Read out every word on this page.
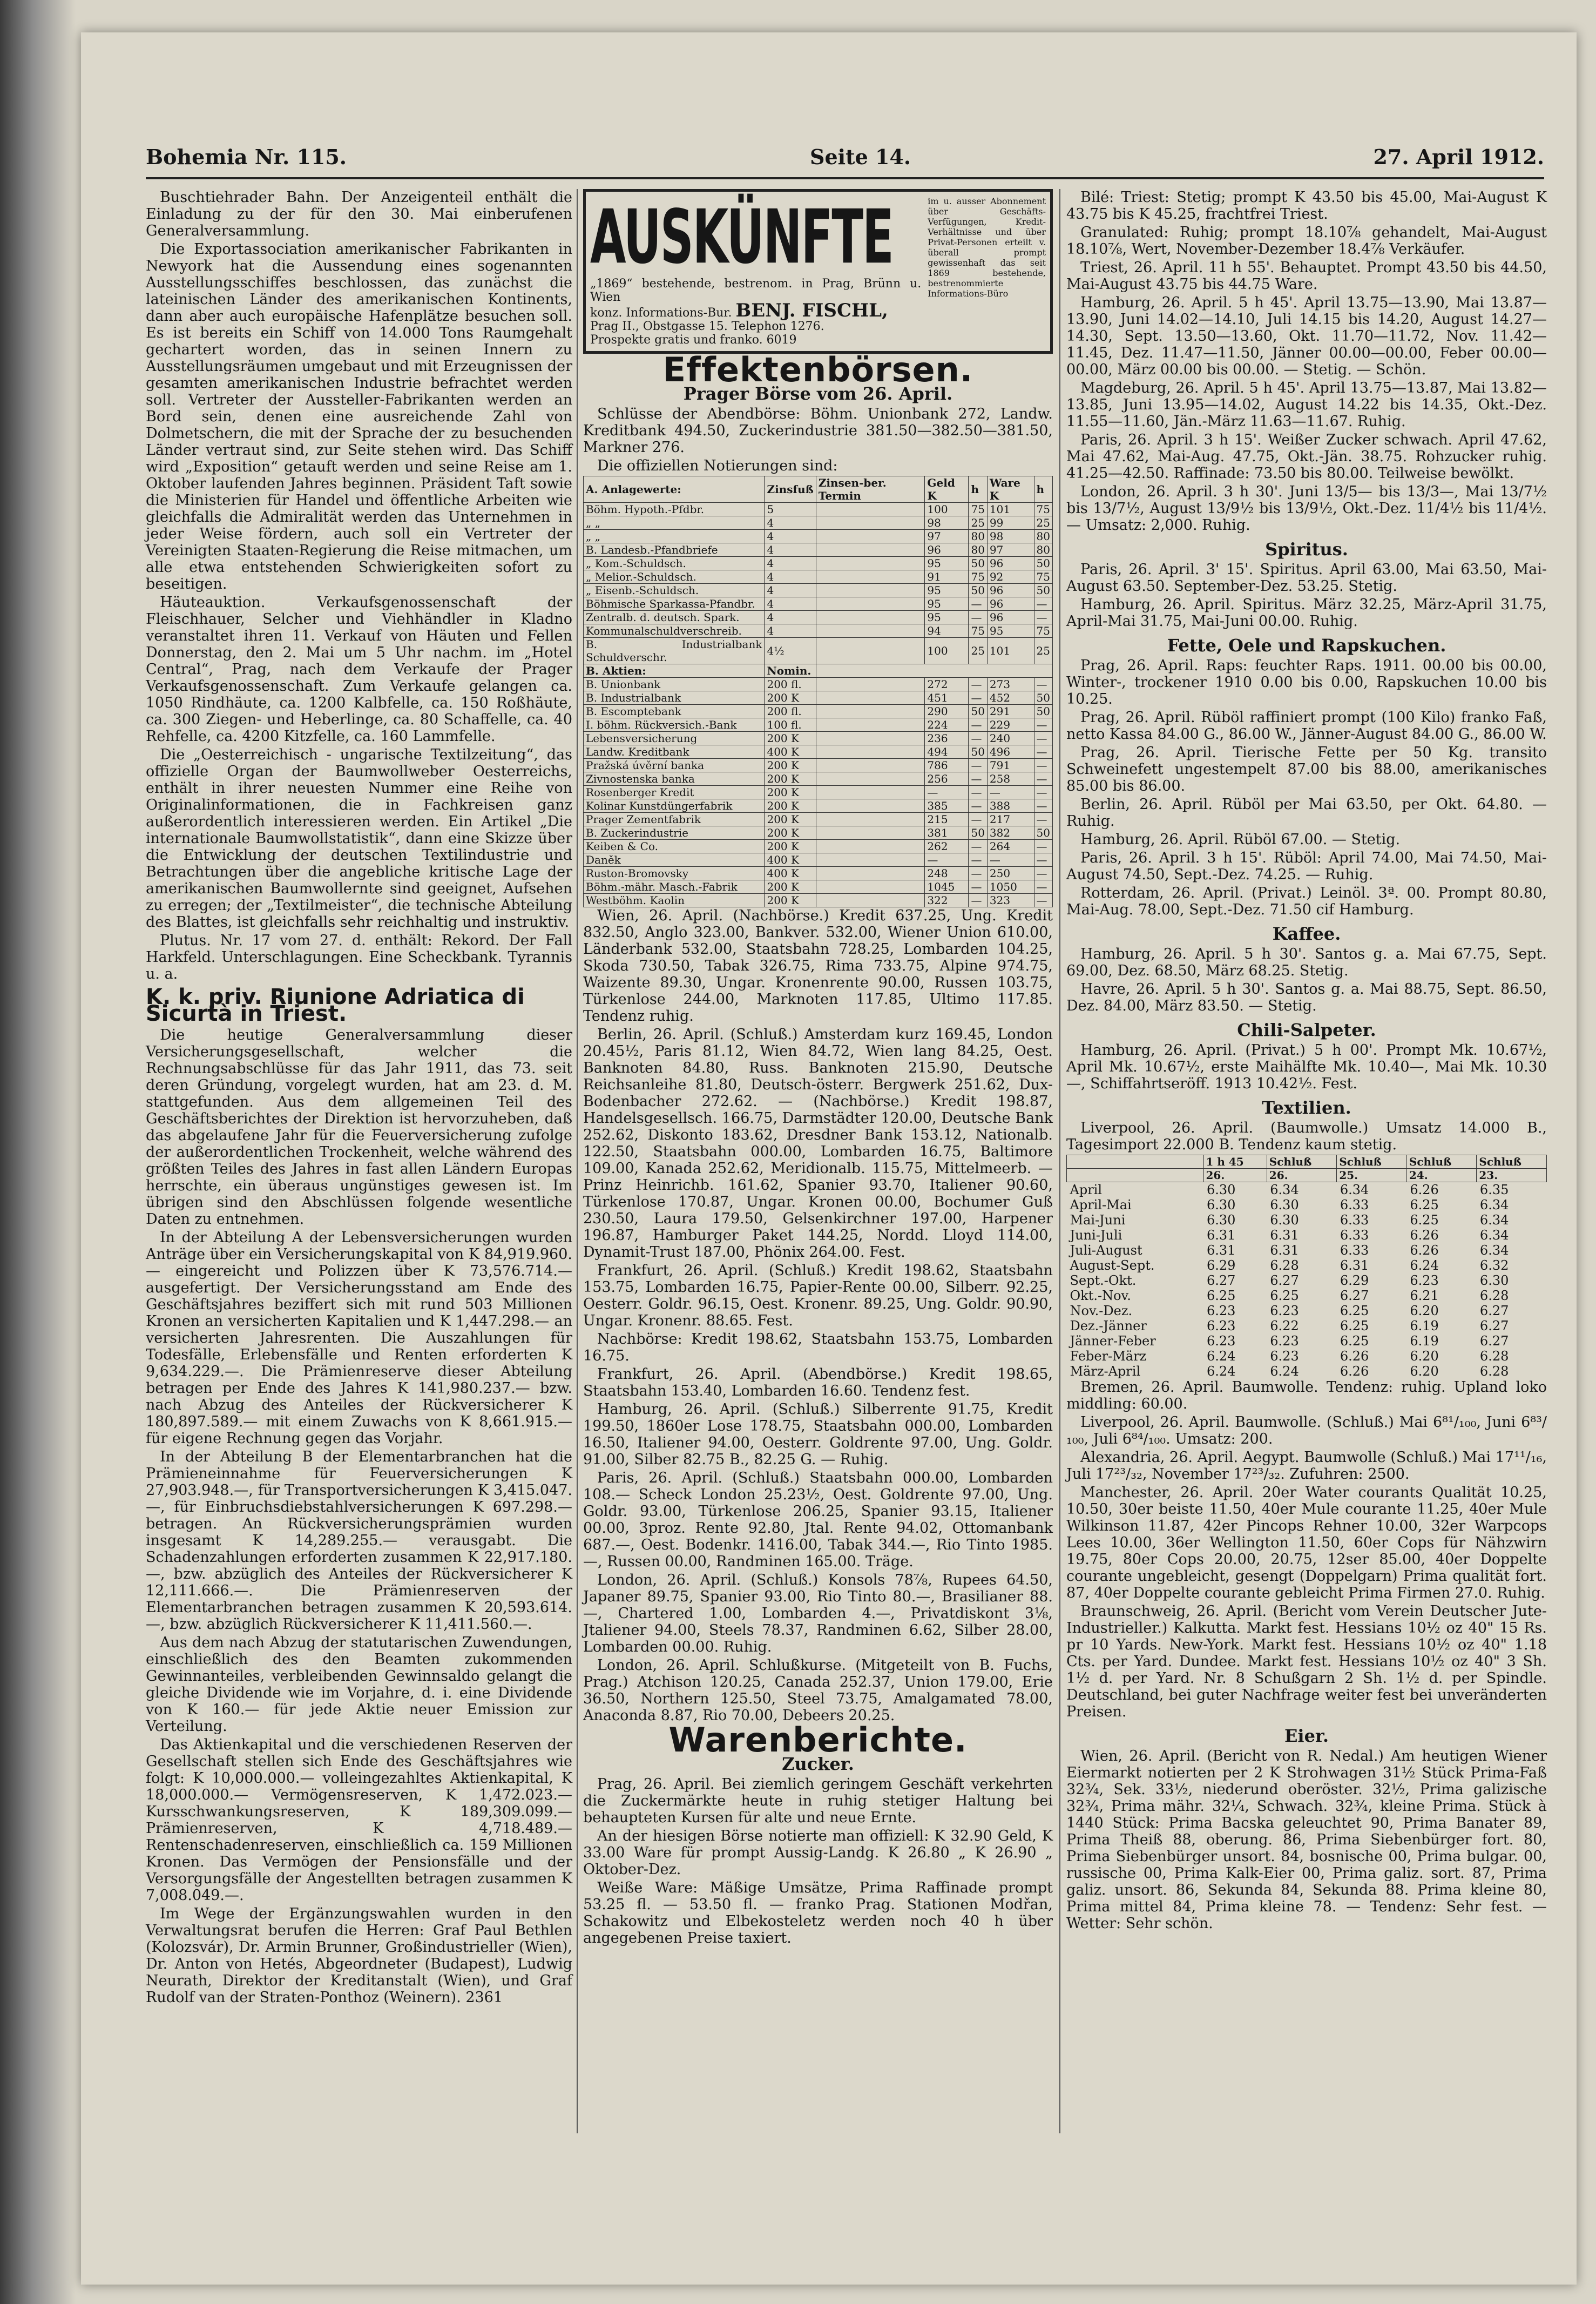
Bohemia Nr. 115.	Seite 14.	27. April 1912.

Buschtiehrader Bahn. Der Anzeigenteil enthält die Einladung zu der für den 30. Mai einberufenen Generalversammlung.

Die Exportassociation amerikanischer Fabrikanten in Newyork hat die Aussendung eines sogenannten Ausstellungsschiffes beschlossen, das zunächst die lateinischen Länder des amerikanischen Kontinents, dann aber auch europäische Hafenplätze besuchen soll. Es ist bereits ein Schiff von 14.000 Tons Raumgehalt gechartert worden, das in seinen Innern zu Ausstellungsräumen umgebaut und mit Erzeugnissen der gesamten amerikanischen Industrie befrachtet werden soll. Vertreter der Aussteller-Fabrikanten werden an Bord sein, denen eine ausreichende Zahl von Dolmetschern, die mit der Sprache der zu besuchenden Länder vertraut sind, zur Seite stehen wird. Das Schiff wird „Exposition“ getauft werden und seine Reise am 1. Oktober laufenden Jahres beginnen. Präsident Taft sowie die Ministerien für Handel und öffentliche Arbeiten wie gleichfalls die Admiralität werden das Unternehmen in jeder Weise fördern, auch soll ein Vertreter der Vereinigten Staaten-Regierung die Reise mitmachen, um alle etwa entstehenden Schwierigkeiten sofort zu beseitigen.

Häuteauktion. Verkaufsgenossenschaft der Fleischhauer, Selcher und Viehhändler in Kladno veranstaltet ihren 11. Verkauf von Häuten und Fellen Donnerstag, den 2. Mai um 5 Uhr nachm. im „Hotel Central“, Prag, nach dem Verkaufe der Prager Verkaufsgenossenschaft. Zum Verkaufe gelangen ca. 1050 Rindhäute, ca. 1200 Kalbfelle, ca. 150 Roßhäute, ca. 300 Ziegen- und Heberlinge, ca. 80 Schaffelle, ca. 40 Rehfelle, ca. 4200 Kitzfelle, ca. 160 Lammfelle.

Die „Oesterreichisch - ungarische Textilzeitung“, das offizielle Organ der Baumwollweber Oesterreichs, enthält in ihrer neuesten Nummer eine Reihe von Originalinformationen, die in Fachkreisen ganz außerordentlich interessieren werden. Ein Artikel „Die internationale Baumwollstatistik“, dann eine Skizze über die Entwicklung der deutschen Textilindustrie und Betrachtungen über die angebliche kritische Lage der amerikanischen Baumwollernte sind geeignet, Aufsehen zu erregen; der „Textilmeister“, die technische Abteilung des Blattes, ist gleichfalls sehr reichhaltig und instruktiv.

Plutus. Nr. 17 vom 27. d. enthält: Rekord. Der Fall Harkfeld. Unterschlagungen. Eine Scheckbank. Tyrannis u. a.

K. k. priv. Riunione Adriatica di Sicurtà in Triest.

Die heutige Generalversammlung dieser Versicherungsgesellschaft, welcher die Rechnungsabschlüsse für das Jahr 1911, das 73. seit deren Gründung, vorgelegt wurden, hat am 23. d. M. stattgefunden. Aus dem allgemeinen Teil des Geschäftsberichtes der Direktion ist hervorzuheben, daß das abgelaufene Jahr für die Feuerversicherung zufolge der außerordentlichen Trockenheit, welche während des größten Teiles des Jahres in fast allen Ländern Europas herrschte, ein überaus ungünstiges gewesen ist. Im übrigen sind den Abschlüssen folgende wesentliche Daten zu entnehmen.

In der Abteilung A der Lebensversicherungen wurden Anträge über ein Versicherungskapital von K 84,919.960.— eingereicht und Polizzen über K 73,576.714.— ausgefertigt. Der Versicherungsstand am Ende des Geschäftsjahres beziffert sich mit rund 503 Millionen Kronen an versicherten Kapitalien und K 1,447.298.— an versicherten Jahresrenten. Die Auszahlungen für Todesfälle, Erlebensfälle und Renten erforderten K 9,634.229.—. Die Prämienreserve dieser Abteilung betragen per Ende des Jahres K 141,980.237.— bzw. nach Abzug des Anteiles der Rückversicherer K 180,897.589.— mit einem Zuwachs von K 8,661.915.— für eigene Rechnung gegen das Vorjahr.

In der Abteilung B der Elementarbranchen hat die Prämieneinnahme für Feuerversicherungen K 27,903.948.—, für Transportversicherungen K 3,415.047.—, für Einbruchsdiebstahlversicherungen K 697.298.— betragen. An Rückversicherungsprämien wurden insgesamt K 14,289.255.— verausgabt. Die Schadenzahlungen erforderten zusammen K 22,917.180.—, bzw. abzüglich des Anteiles der Rückversicherer K 12,111.666.—. Die Prämienreserven der Elementarbranchen betragen zusammen K 20,593.614.—, bzw. abzüglich Rückversicherer K 11,411.560.—.

Aus dem nach Abzug der statutarischen Zuwendungen, einschließlich des den Beamten zukommenden Gewinnanteiles, verbleibenden Gewinnsaldo gelangt die gleiche Dividende wie im Vorjahre, d. i. eine Dividende von K 160.— für jede Aktie neuer Emission zur Verteilung.

Das Aktienkapital und die verschiedenen Reserven der Gesellschaft stellen sich Ende des Geschäftsjahres wie folgt: K 10,000.000.— volleingezahltes Aktienkapital, K 18,000.000.— Vermögensreserven, K 1,472.023.— Kursschwankungsreserven, K 189,309.099.— Prämienreserven, K 4,718.489.— Rentenschadenreserven, einschließlich ca. 159 Millionen Kronen. Das Vermögen der Pensionsfälle und der Versorgungsfälle der Angestellten betragen zusammen K 7,008.049.—.

Im Wege der Ergänzungswahlen wurden in den Verwaltungsrat berufen die Herren: Graf Paul Bethlen (Kolozsvár), Dr. Armin Brunner, Großindustrieller (Wien), Dr. Anton von Hetés, Abgeordneter (Budapest), Ludwig Neurath, Direktor der Kreditanstalt (Wien), und Graf Rudolf van der Straten-Ponthoz (Weinern). 2361

AUSKÜNFTE
„1869“ bestehende, bestrenom. in Prag, Brünn u. Wien
konz. Informations-Bur. BENJ. FISCHL,
Prag II., Obstgasse 15. Telephon 1276.
Prospekte gratis und franko. 6019
im u. ausser Abonnement über Geschäfts-Verfügungen, Kredit-Verhältnisse und über Privat-Personen erteilt v. überall prompt gewissenhaft das seit 1869 bestehende, bestrenommierte Informations-Büro
Effektenbörsen.
Prager Börse vom 26. April.

Schlüsse der Abendbörse: Böhm. Unionbank 272, Landw. Kreditbank 494.50, Zuckerindustrie 381.50—382.50—381.50, Markner 276.

Die offiziellen Notierungen sind:

A. Anlagewerte:	Zinsfuß	Zinsen-ber. Termin	Geld K	h	Ware K	h
Böhm. Hypoth.-Pfdbr.	5		100	75	101	75
„ „	4		98	25	99	25
„ „	4		97	80	98	80
B. Landesb.-Pfandbriefe	4		96	80	97	80
„ Kom.-Schuldsch.	4		95	50	96	50
„ Melior.-Schuldsch.	4		91	75	92	75
„ Eisenb.-Schuldsch.	4		95	50	96	50
Böhmische Sparkassa-Pfandbr.	4		95	—	96	—
Zentralb. d. deutsch. Spark.	4		95	—	96	—
Kommunalschuldverschreib.	4		94	75	95	75
B. Industrialbank Schuldverschr.	4½		100	25	101	25
B. Aktien:	Nomin.					
B. Unionbank	200 fl.		272	—	273	—
B. Industrialbank	200 K		451	—	452	50
B. Escomptebank	200 fl.		290	50	291	50
I. böhm. Rückversich.-Bank	100 fl.		224	—	229	—
Lebensversicherung	200 K		236	—	240	—
Landw. Kreditbank	400 K		494	50	496	—
Pražská úvěrní banka	200 K		786	—	791	—
Zivnostenska banka	200 K		256	—	258	—
Rosenberger Kredit	200 K		—	—	—	—
Kolinar Kunstdüngerfabrik	200 K		385	—	388	—
Prager Zementfabrik	200 K		215	—	217	—
B. Zuckerindustrie	200 K		381	50	382	50
Keiben & Co.	200 K		262	—	264	—
Daněk	400 K		—	—	—	—
Ruston-Bromovsky	400 K		248	—	250	—
Böhm.-mähr. Masch.-Fabrik	200 K		1045	—	1050	—
Westböhm. Kaolin	200 K		322	—	323	—

Wien, 26. April. (Nachbörse.) Kredit 637.25, Ung. Kredit 832.50, Anglo 323.00, Bankver. 532.00, Wiener Union 610.00, Länderbank 532.00, Staatsbahn 728.25, Lombarden 104.25, Skoda 730.50, Tabak 326.75, Rima 733.75, Alpine 974.75, Waizente 89.30, Ungar. Kronenrente 90.00, Russen 103.75, Türkenlose 244.00, Marknoten 117.85, Ultimo 117.85. Tendenz ruhig.

Berlin, 26. April. (Schluß.) Amsterdam kurz 169.45, London 20.45½, Paris 81.12, Wien 84.72, Wien lang 84.25, Oest. Banknoten 84.80, Russ. Banknoten 215.90, Deutsche Reichsanleihe 81.80, Deutsch-österr. Bergwerk 251.62, Dux-Bodenbacher 272.62. — (Nachbörse.) Kredit 198.87, Handelsgesellsch. 166.75, Darmstädter 120.00, Deutsche Bank 252.62, Diskonto 183.62, Dresdner Bank 153.12, Nationalb. 122.50, Staatsbahn 000.00, Lombarden 16.75, Baltimore 109.00, Kanada 252.62, Meridionalb. 115.75, Mittelmeerb. — Prinz Heinrichb. 161.62, Spanier 93.70, Italiener 90.60, Türkenlose 170.87, Ungar. Kronen 00.00, Bochumer Guß 230.50, Laura 179.50, Gelsenkirchner 197.00, Harpener 196.87, Hamburger Paket 144.25, Nordd. Lloyd 114.00, Dynamit-Trust 187.00, Phönix 264.00. Fest.

Frankfurt, 26. April. (Schluß.) Kredit 198.62, Staatsbahn 153.75, Lombarden 16.75, Papier-Rente 00.00, Silberr. 92.25, Oesterr. Goldr. 96.15, Oest. Kronenr. 89.25, Ung. Goldr. 90.90, Ungar. Kronenr. 88.65. Fest.

Nachbörse: Kredit 198.62, Staatsbahn 153.75, Lombarden 16.75.

Frankfurt, 26. April. (Abendbörse.) Kredit 198.65, Staatsbahn 153.40, Lombarden 16.60. Tendenz fest.

Hamburg, 26. April. (Schluß.) Silberrente 91.75, Kredit 199.50, 1860er Lose 178.75, Staatsbahn 000.00, Lombarden 16.50, Italiener 94.00, Oesterr. Goldrente 97.00, Ung. Goldr. 91.00, Silber 82.75 B., 82.25 G. — Ruhig.

Paris, 26. April. (Schluß.) Staatsbahn 000.00, Lombarden 108.— Scheck London 25.23½, Oest. Goldrente 97.00, Ung. Goldr. 93.00, Türkenlose 206.25, Spanier 93.15, Italiener 00.00, 3proz. Rente 92.80, Jtal. Rente 94.02, Ottomanbank 687.—, Oest. Bodenkr. 1416.00, Tabak 344.—, Rio Tinto 1985.—, Russen 00.00, Randminen 165.00. Träge.

London, 26. April. (Schluß.) Konsols 78⅞, Rupees 64.50, Japaner 89.75, Spanier 93.00, Rio Tinto 80.—, Brasilianer 88.—, Chartered 1.00, Lombarden 4.—, Privatdiskont 3⅛, Jtaliener 94.00, Steels 78.37, Randminen 6.62, Silber 28.00, Lombarden 00.00. Ruhig.

London, 26. April. Schlußkurse. (Mitgeteilt von B. Fuchs, Prag.) Atchison 120.25, Canada 252.37, Union 179.00, Erie 36.50, Northern 125.50, Steel 73.75, Amalgamated 78.00, Anaconda 8.87, Rio 70.00, Debeers 20.25.

Warenberichte.
Zucker.

Prag, 26. April. Bei ziemlich geringem Geschäft verkehrten die Zuckermärkte heute in ruhig stetiger Haltung bei behaupteten Kursen für alte und neue Ernte.

An der hiesigen Börse notierte man offiziell: K 32.90 Geld, K 33.00 Ware für prompt Aussig-Landg. K 26.80 „ K 26.90 „ Oktober-Dez.

Weiße Ware: Mäßige Umsätze, Prima Raffinade prompt 53.25 fl. — 53.50 fl. — franko Prag. Stationen Modřan, Schakowitz und Elbekosteletz werden noch 40 h über angegebenen Preise taxiert.

Bilé: Triest: Stetig; prompt K 43.50 bis 45.00, Mai-August K 43.75 bis K 45.25, frachtfrei Triest.

Granulated: Ruhig; prompt 18.10⅞ gehandelt, Mai-August 18.10⅞, Wert, November-Dezember 18.4⅞ Verkäufer.

Triest, 26. April. 11 h 55'. Behauptet. Prompt 43.50 bis 44.50, Mai-August 43.75 bis 44.75 Ware.

Hamburg, 26. April. 5 h 45'. April 13.75—13.90, Mai 13.87—13.90, Juni 14.02—14.10, Juli 14.15 bis 14.20, August 14.27—14.30, Sept. 13.50—13.60, Okt. 11.70—11.72, Nov. 11.42—11.45, Dez. 11.47—11.50, Jänner 00.00—00.00, Feber 00.00—00.00, März 00.00 bis 00.00. — Stetig. — Schön.

Magdeburg, 26. April. 5 h 45'. April 13.75—13.87, Mai 13.82—13.85, Juni 13.95—14.02, August 14.22 bis 14.35, Okt.-Dez. 11.55—11.60, Jän.-März 11.63—11.67. Ruhig.

Paris, 26. April. 3 h 15'. Weißer Zucker schwach. April 47.62, Mai 47.62, Mai-Aug. 47.75, Okt.-Jän. 38.75. Rohzucker ruhig. 41.25—42.50. Raffinade: 73.50 bis 80.00. Teilweise bewölkt.

London, 26. April. 3 h 30'. Juni 13/5— bis 13/3—, Mai 13/7½ bis 13/7½, August 13/9½ bis 13/9½, Okt.-Dez. 11/4½ bis 11/4½. — Umsatz: 2,000. Ruhig.

Spiritus.

Paris, 26. April. 3' 15'. Spiritus. April 63.00, Mai 63.50, Mai-August 63.50. September-Dez. 53.25. Stetig.

Hamburg, 26. April. Spiritus. März 32.25, März-April 31.75, April-Mai 31.75, Mai-Juni 00.00. Ruhig.

Fette, Oele und Rapskuchen.

Prag, 26. April. Raps: feuchter Raps. 1911. 00.00 bis 00.00, Winter-, trockener 1910 0.00 bis 0.00, Rapskuchen 10.00 bis 10.25.

Prag, 26. April. Rüböl raffiniert prompt (100 Kilo) franko Faß, netto Kassa 84.00 G., 86.00 W., Jänner-August 84.00 G., 86.00 W.

Prag, 26. April. Tierische Fette per 50 Kg. transito Schweinefett ungestempelt 87.00 bis 88.00, amerikanisches 85.00 bis 86.00.

Berlin, 26. April. Rüböl per Mai 63.50, per Okt. 64.80. — Ruhig.

Hamburg, 26. April. Rüböl 67.00. — Stetig.

Paris, 26. April. 3 h 15'. Rüböl: April 74.00, Mai 74.50, Mai-August 74.50, Sept.-Dez. 74.25. — Ruhig.

Rotterdam, 26. April. (Privat.) Leinöl. 3ª. 00. Prompt 80.80, Mai-Aug. 78.00, Sept.-Dez. 71.50 cif Hamburg.

Kaffee.

Hamburg, 26. April. 5 h 30'. Santos g. a. Mai 67.75, Sept. 69.00, Dez. 68.50, März 68.25. Stetig.

Havre, 26. April. 5 h 30'. Santos g. a. Mai 88.75, Sept. 86.50, Dez. 84.00, März 83.50. — Stetig.

Chili-Salpeter.

Hamburg, 26. April. (Privat.) 5 h 00'. Prompt Mk. 10.67½, April Mk. 10.67½, erste Maihälfte Mk. 10.40—, Mai Mk. 10.30—, Schiffahrtseröff. 1913 10.42½. Fest.

Textilien.

Liverpool, 26. April. (Baumwolle.) Umsatz 14.000 B., Tagesimport 22.000 B. Tendenz kaum stetig.

	1 h 45	Schluß	Schluß	Schluß	Schluß
	26.	26.	25.	24.	23.
April	6.30	6.34	6.34	6.26	6.35
April-Mai	6.30	6.30	6.33	6.25	6.34
Mai-Juni	6.30	6.30	6.33	6.25	6.34
Juni-Juli	6.31	6.31	6.33	6.26	6.34
Juli-August	6.31	6.31	6.33	6.26	6.34
August-Sept.	6.29	6.28	6.31	6.24	6.32
Sept.-Okt.	6.27	6.27	6.29	6.23	6.30
Okt.-Nov.	6.25	6.25	6.27	6.21	6.28
Nov.-Dez.	6.23	6.23	6.25	6.20	6.27
Dez.-Jänner	6.23	6.22	6.25	6.19	6.27
Jänner-Feber	6.23	6.23	6.25	6.19	6.27
Feber-März	6.24	6.23	6.26	6.20	6.28
März-April	6.24	6.24	6.26	6.20	6.28

Bremen, 26. April. Baumwolle. Tendenz: ruhig. Upland loko middling: 60.00.

Liverpool, 26. April. Baumwolle. (Schluß.) Mai 6⁸¹/₁₀₀, Juni 6⁸³/₁₀₀, Juli 6⁸⁴/₁₀₀. Umsatz: 200.

Alexandria, 26. April. Aegypt. Baumwolle (Schluß.) Mai 17¹¹/₁₆, Juli 17²³/₃₂, November 17²³/₃₂. Zufuhren: 2500.

Manchester, 26. April. 20er Water courants Qualität 10.25, 10.50, 30er beiste 11.50, 40er Mule courante 11.25, 40er Mule Wilkinson 11.87, 42er Pincops Rehner 10.00, 32er Warpcops Lees 10.00, 36er Wellington 11.50, 60er Cops für Nähzwirn 19.75, 80er Cops 20.00, 20.75, 12ser 85.00, 40er Doppelte courante ungebleicht, gesengt (Doppelgarn) Prima qualität fort. 87, 40er Doppelte courante gebleicht Prima Firmen 27.0. Ruhig.

Braunschweig, 26. April. (Bericht vom Verein Deutscher Jute-Industrieller.) Kalkutta. Markt fest. Hessians 10½ oz 40" 15 Rs. pr 10 Yards. New-York. Markt fest. Hessians 10½ oz 40" 1.18 Cts. per Yard. Dundee. Markt fest. Hessians 10½ oz 40" 3 Sh. 1½ d. per Yard. Nr. 8 Schußgarn 2 Sh. 1½ d. per Spindle. Deutschland, bei guter Nachfrage weiter fest bei unveränderten Preisen.

Eier.

Wien, 26. April. (Bericht von R. Nedal.) Am heutigen Wiener Eiermarkt notierten per 2 K Strohwagen 31½ Stück Prima-Faß 32¾, Sek. 33½, niederund oberöster. 32½, Prima galizische 32¾, Prima mähr. 32¼, Schwach. 32¾, kleine Prima. Stück à 1440 Stück: Prima Bacska geleuchtet 90, Prima Banater 89, Prima Theiß 88, oberung. 86, Prima Siebenbürger fort. 80, Prima Siebenbürger unsort. 84, bosnische 00, Prima bulgar. 00, russische 00, Prima Kalk-Eier 00, Prima galiz. sort. 87, Prima galiz. unsort. 86, Sekunda 84, Sekunda 88. Prima kleine 80, Prima mittel 84, Prima kleine 78. — Tendenz: Sehr fest. — Wetter: Sehr schön.
